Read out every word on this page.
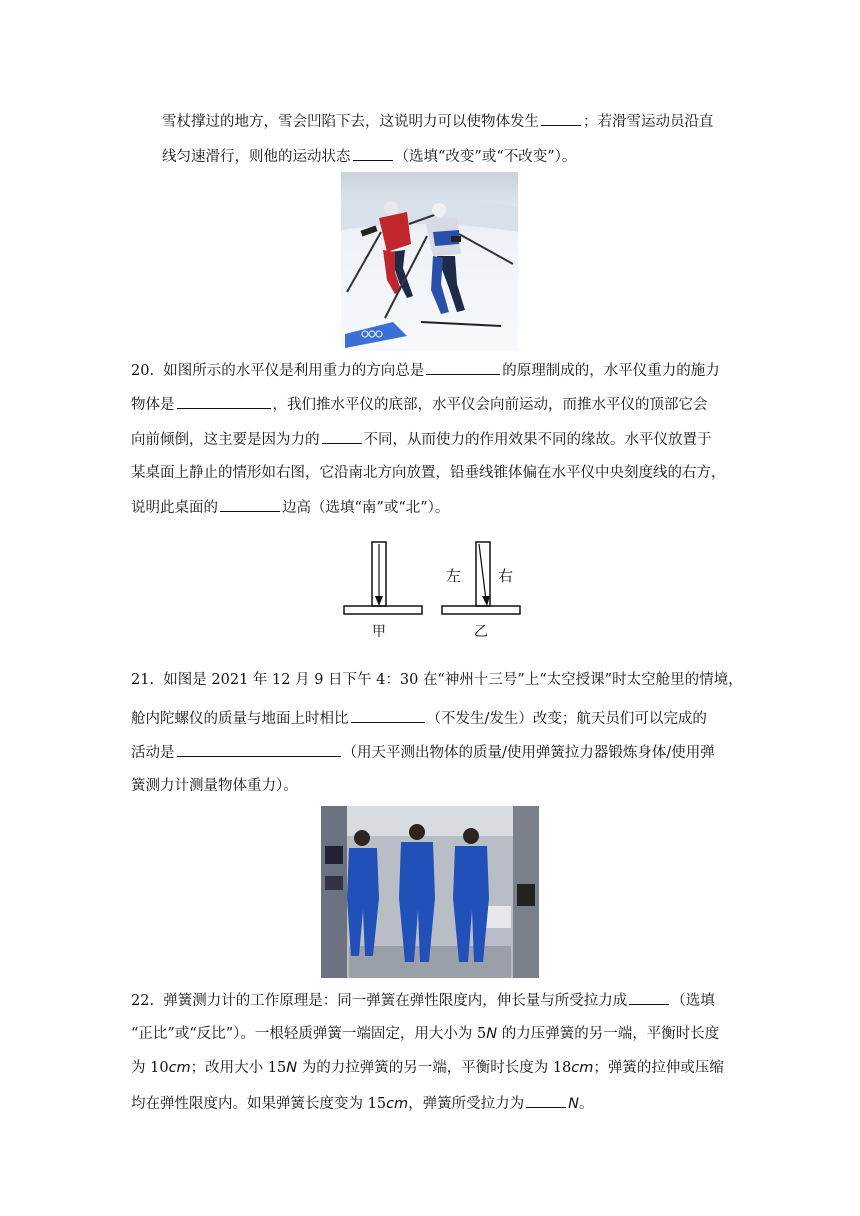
雪杖撑过的地方，雪会凹陷下去，这说明力可以使物体发生	；若滑雪运动员沿直
线匀速滑行，则他的运动状态	（选填“改变”或“不改变”）。
20. 如图所示的水平仪是利用重力的方向总是	的原理制成的，水平仪重力的施力
物体是	，我们推水平仪的底部，水平仪会向前运动，而推水平仪的顶部它会
向前倾倒，这主要是因为力的	不同，从而使力的作用效果不同的缘故。水平仪放置于
某桌面上静止的情形如右图，它沿南北方向放置，铅垂线锥体偏在水平仪中央刻度线的右方，
说明此桌面的	边高（选填“南”或“北”）。
甲	乙
左 右
21. 如图是 2021 年 12 月 9 日下午 4：30 在“神州十三号”上“太空授课”时太空舱里的情境，
舱内陀螺仪的质量与地面上时相比	（不发生/发生）改变；航天员们可以完成的
活动是	（用天平测出物体的质量/使用弹簧拉力器锻炼身体/使用弹
簧测力计测量物体重力）。
22. 弹簧测力计的工作原理是：同一弹簧在弹性限度内，伸长量与所受拉力成	（选填
“正比”或“反比”）。一根轻质弹簧一端固定，用大小为 5N 的力压弹簧的另一端，平衡时长度
为 10cm；改用大小 15N 为的力拉弹簧的另一端，平衡时长度为 18cm；弹簧的拉伸或压缩
均在弹性限度内。如果弹簧长度变为 15cm，弹簧所受拉力为	N。
